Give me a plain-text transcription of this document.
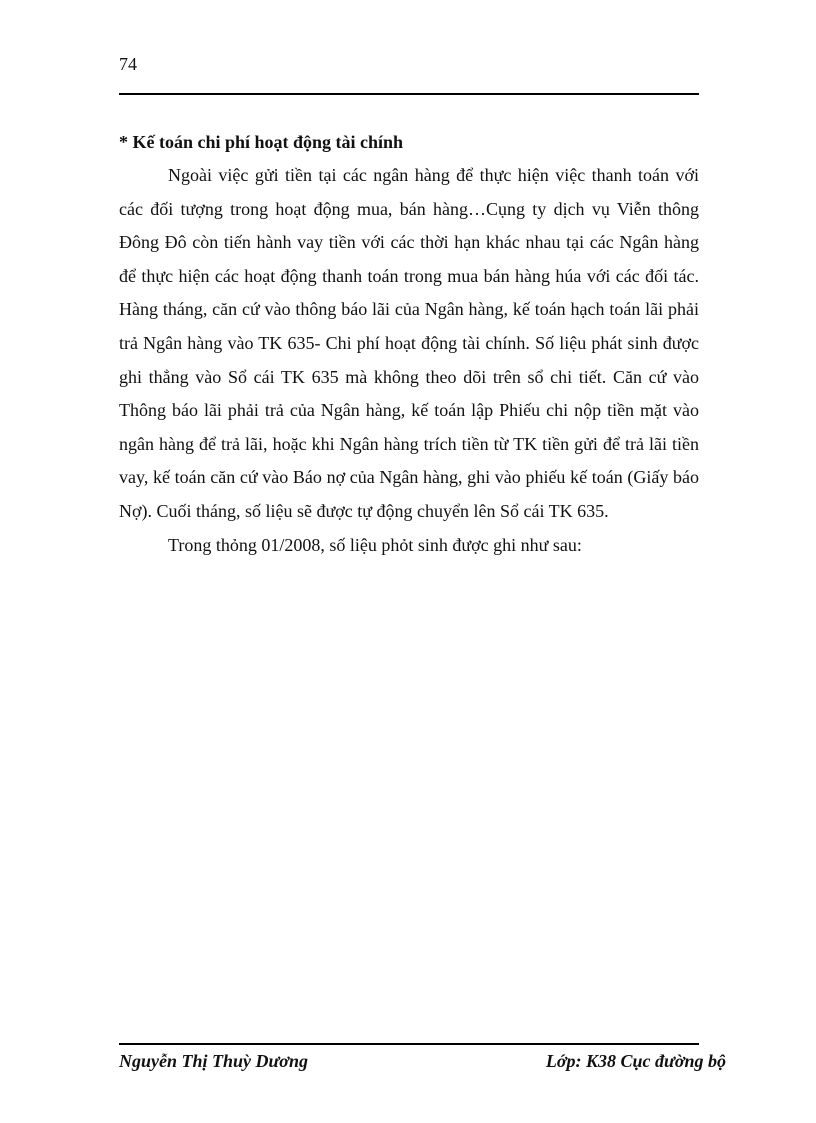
74
* Kế toán chi phí hoạt động tài chính

Ngoài việc gửi tiền tại các ngân hàng để thực hiện việc thanh toán với các đối tượng trong hoạt động mua, bán hàng…Cụng ty dịch vụ Viễn thông Đông Đô còn tiến hành vay tiền với các thời hạn khác nhau tại các Ngân hàng để thực hiện các hoạt động thanh toán trong mua bán hàng húa với các đối tác. Hàng tháng, căn cứ vào thông báo lãi của Ngân hàng, kế toán hạch toán lãi phải trả Ngân hàng vào TK 635- Chi phí hoạt động tài chính. Số liệu phát sinh được ghi thẳng vào Sổ cái TK 635 mà không theo dõi trên sổ chi tiết. Căn cứ vào Thông báo lãi phải trả của Ngân hàng, kế toán lập Phiếu chi nộp tiền mặt vào ngân hàng để trả lãi, hoặc khi Ngân hàng trích tiền từ TK tiền gửi để trả lãi tiền vay, kế toán căn cứ vào Báo nợ của Ngân hàng, ghi vào phiếu kế toán (Giấy báo Nợ). Cuối tháng, số liệu sẽ được tự động chuyển lên Sổ cái TK 635.

Trong thỏng 01/2008, số liệu phỏt sinh được ghi như sau:

Nguyễn Thị Thuỳ Dương	Lớp: K38 Cục đường bộ
